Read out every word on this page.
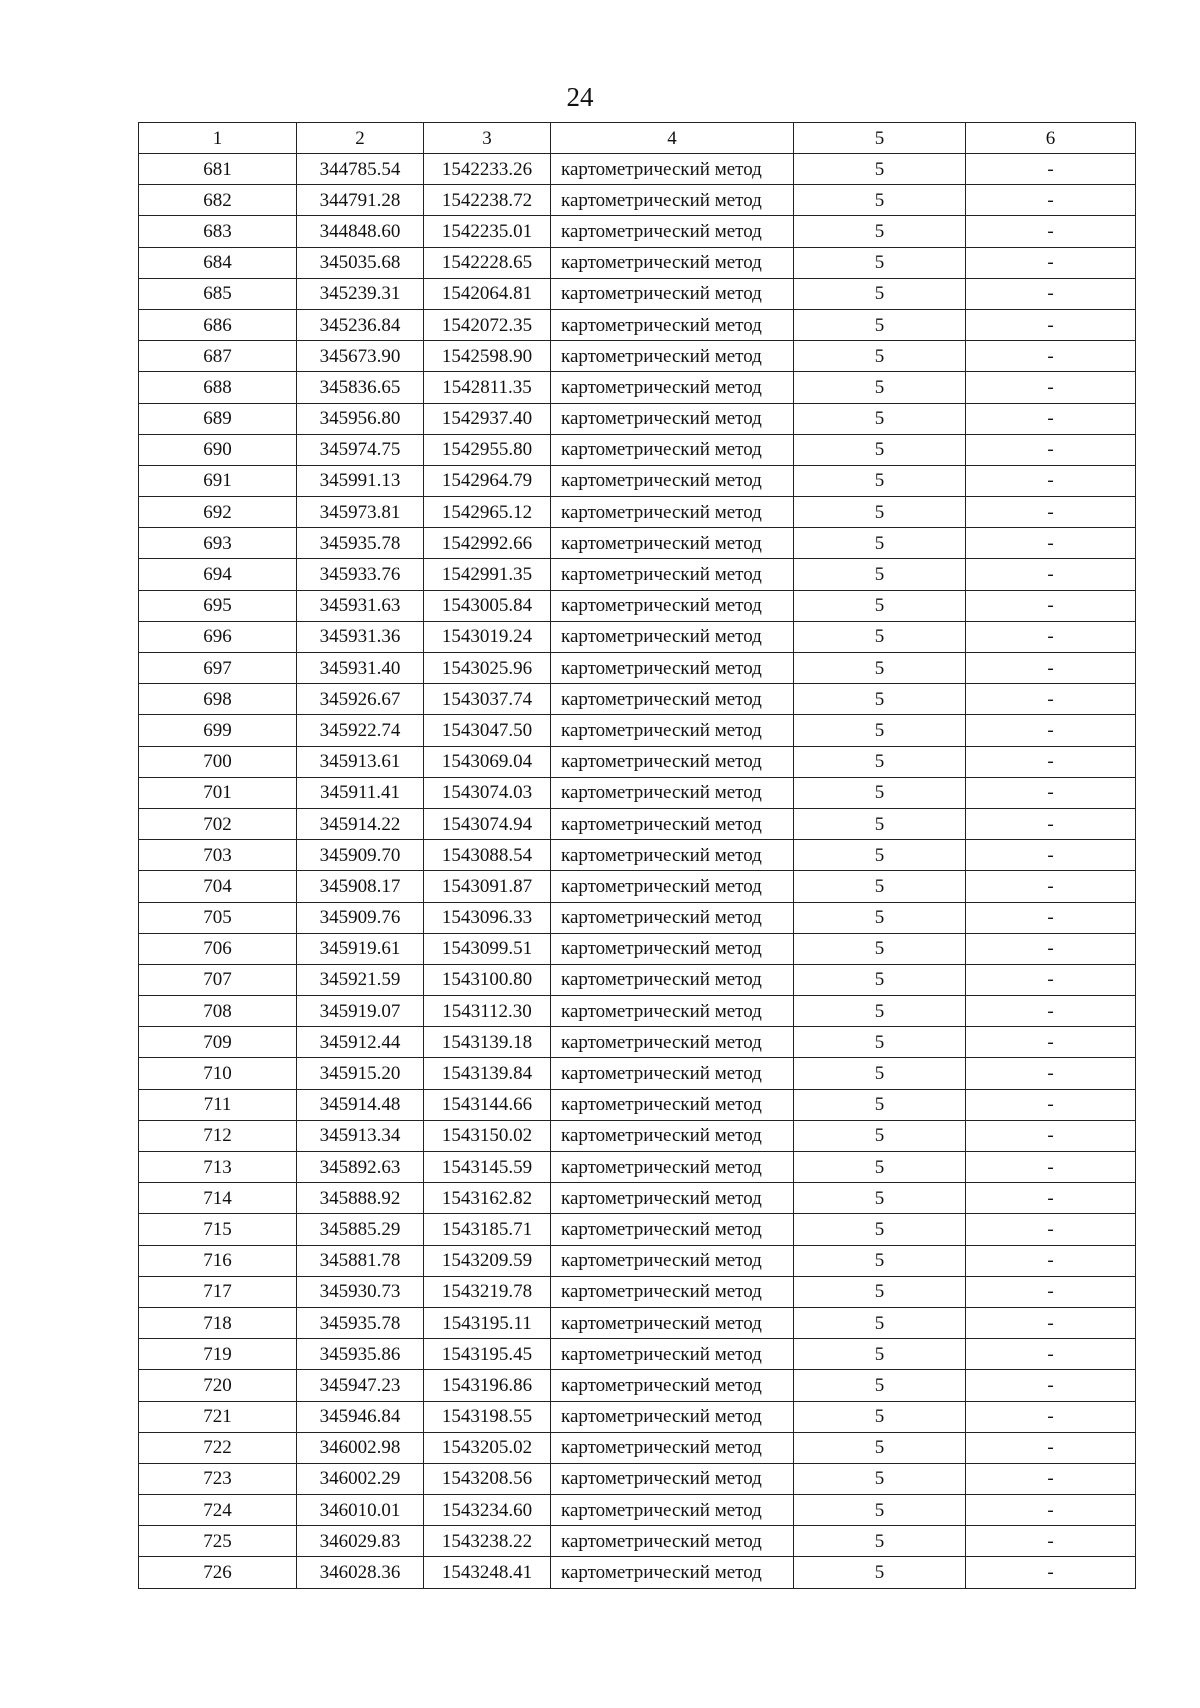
24
1	2	3	4	5	6
681	344785.54	1542233.26	картометрический метод	5	-
682	344791.28	1542238.72	картометрический метод	5	-
683	344848.60	1542235.01	картометрический метод	5	-
684	345035.68	1542228.65	картометрический метод	5	-
685	345239.31	1542064.81	картометрический метод	5	-
686	345236.84	1542072.35	картометрический метод	5	-
687	345673.90	1542598.90	картометрический метод	5	-
688	345836.65	1542811.35	картометрический метод	5	-
689	345956.80	1542937.40	картометрический метод	5	-
690	345974.75	1542955.80	картометрический метод	5	-
691	345991.13	1542964.79	картометрический метод	5	-
692	345973.81	1542965.12	картометрический метод	5	-
693	345935.78	1542992.66	картометрический метод	5	-
694	345933.76	1542991.35	картометрический метод	5	-
695	345931.63	1543005.84	картометрический метод	5	-
696	345931.36	1543019.24	картометрический метод	5	-
697	345931.40	1543025.96	картометрический метод	5	-
698	345926.67	1543037.74	картометрический метод	5	-
699	345922.74	1543047.50	картометрический метод	5	-
700	345913.61	1543069.04	картометрический метод	5	-
701	345911.41	1543074.03	картометрический метод	5	-
702	345914.22	1543074.94	картометрический метод	5	-
703	345909.70	1543088.54	картометрический метод	5	-
704	345908.17	1543091.87	картометрический метод	5	-
705	345909.76	1543096.33	картометрический метод	5	-
706	345919.61	1543099.51	картометрический метод	5	-
707	345921.59	1543100.80	картометрический метод	5	-
708	345919.07	1543112.30	картометрический метод	5	-
709	345912.44	1543139.18	картометрический метод	5	-
710	345915.20	1543139.84	картометрический метод	5	-
711	345914.48	1543144.66	картометрический метод	5	-
712	345913.34	1543150.02	картометрический метод	5	-
713	345892.63	1543145.59	картометрический метод	5	-
714	345888.92	1543162.82	картометрический метод	5	-
715	345885.29	1543185.71	картометрический метод	5	-
716	345881.78	1543209.59	картометрический метод	5	-
717	345930.73	1543219.78	картометрический метод	5	-
718	345935.78	1543195.11	картометрический метод	5	-
719	345935.86	1543195.45	картометрический метод	5	-
720	345947.23	1543196.86	картометрический метод	5	-
721	345946.84	1543198.55	картометрический метод	5	-
722	346002.98	1543205.02	картометрический метод	5	-
723	346002.29	1543208.56	картометрический метод	5	-
724	346010.01	1543234.60	картометрический метод	5	-
725	346029.83	1543238.22	картометрический метод	5	-
726	346028.36	1543248.41	картометрический метод	5	-
